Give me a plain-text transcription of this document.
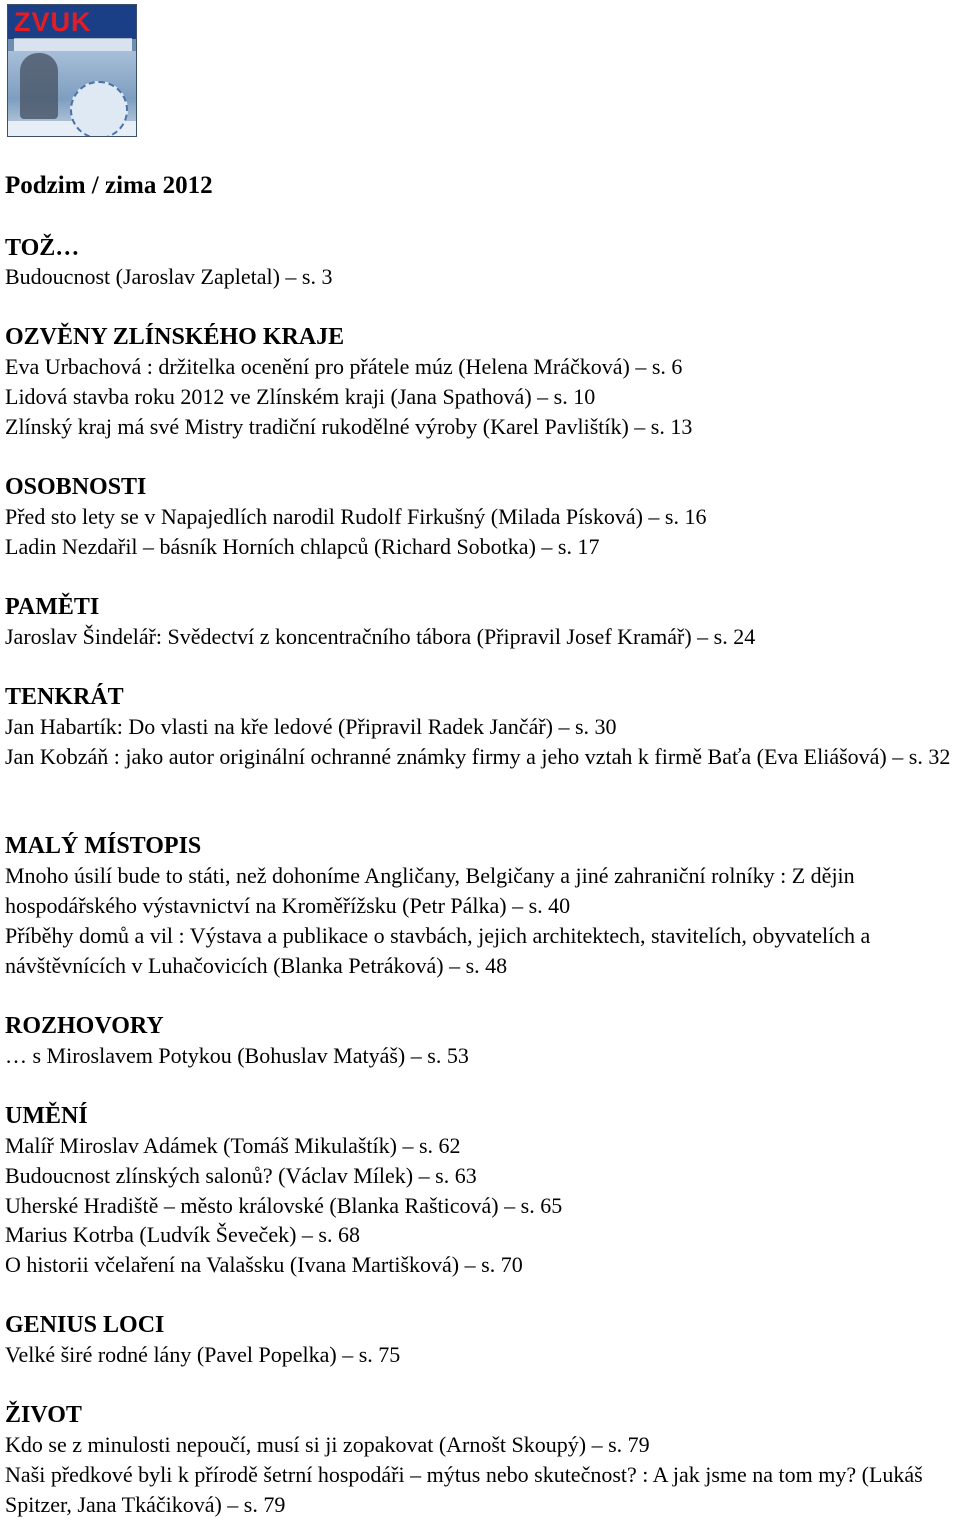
ZVUK
Podzim / zima 2012
TOŽ…

Budoucnost (Jaroslav Zapletal) – s. 3

OZVĚNY ZLÍNSKÉHO KRAJE

Eva Urbachová : držitelka ocenění pro přátele múz (Helena Mráčková) – s. 6

Lidová stavba roku 2012 ve Zlínském kraji (Jana Spathová) – s. 10

Zlínský kraj má své Mistry tradiční rukodělné výroby (Karel Pavlištík) – s. 13

OSOBNOSTI

Před sto lety se v Napajedlích narodil Rudolf Firkušný (Milada Písková) – s. 16

Ladin Nezdařil – básník Horních chlapců (Richard Sobotka) – s. 17

PAMĚTI

Jaroslav Šindelář: Svědectví z koncentračního tábora (Připravil Josef Kramář) – s. 24

TENKRÁT

Jan Habartík: Do vlasti na kře ledové (Připravil Radek Jančář) – s. 30

Jan Kobzáň : jako autor originální ochranné známky firmy a jeho vztah k firmě Baťa (Eva Eliášová) – s. 32

MALÝ MÍSTOPIS

Mnoho úsilí bude to státi, než dohoníme Angličany, Belgičany a jiné zahraniční rolníky : Z dějin hospodářského výstavnictví na Kroměřížsku (Petr Pálka) – s. 40

Příběhy domů a vil : Výstava a publikace o stavbách, jejich architektech, stavitelích, obyvatelích a návštěvnících v Luhačovicích (Blanka Petráková) – s. 48

ROZHOVORY

… s Miroslavem Potykou (Bohuslav Matyáš) – s. 53

UMĚNÍ

Malíř Miroslav Adámek (Tomáš Mikulaštík) – s. 62

Budoucnost zlínských salonů? (Václav Mílek) – s. 63

Uherské Hradiště – město královské (Blanka Rašticová) – s. 65

Marius Kotrba (Ludvík Ševeček) – s. 68

O historii včelaření na Valašsku (Ivana Martišková) – s. 70

GENIUS LOCI

Velké širé rodné lány (Pavel Popelka) – s. 75

ŽIVOT

Kdo se z minulosti nepoučí, musí si ji zopakovat (Arnošt Skoupý) – s. 79

Naši předkové byli k přírodě šetrní hospodáři – mýtus nebo skutečnost? : A jak jsme na tom my? (Lukáš Spitzer, Jana Tkáčiková) – s. 79
